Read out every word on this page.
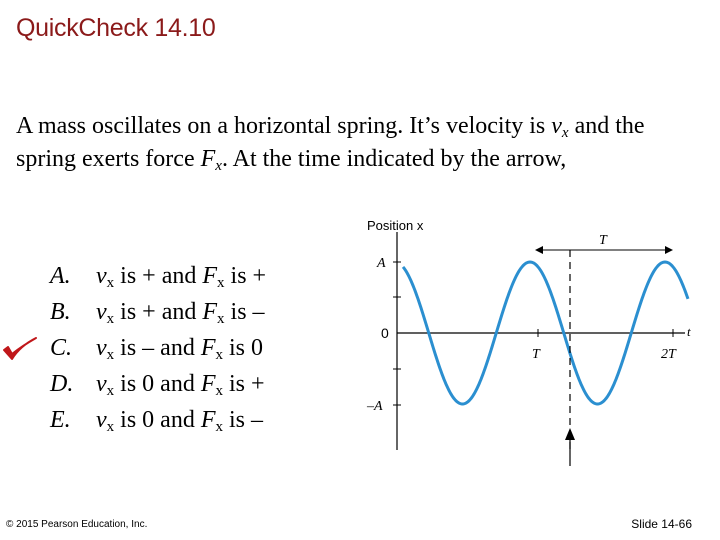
QuickCheck 14.10
A mass oscillates on a horizontal spring. It’s velocity is $v_x$ and the spring exerts force $F_x$. At the time indicated by the arrow,
A.	$v_x$ is + and $F_x$ is +
B.	$v_x$ is + and $F_x$ is –
C. $v_x$ is – and $F_x$ is 0
D. $v_x$ is 0 and $F_x$ is +
E.	$v_x$ is 0 and $F_x$ is –
Position x
A
0
–A
T	2T
t
T
© 2015 Pearson Education, Inc.	Slide 14-66
